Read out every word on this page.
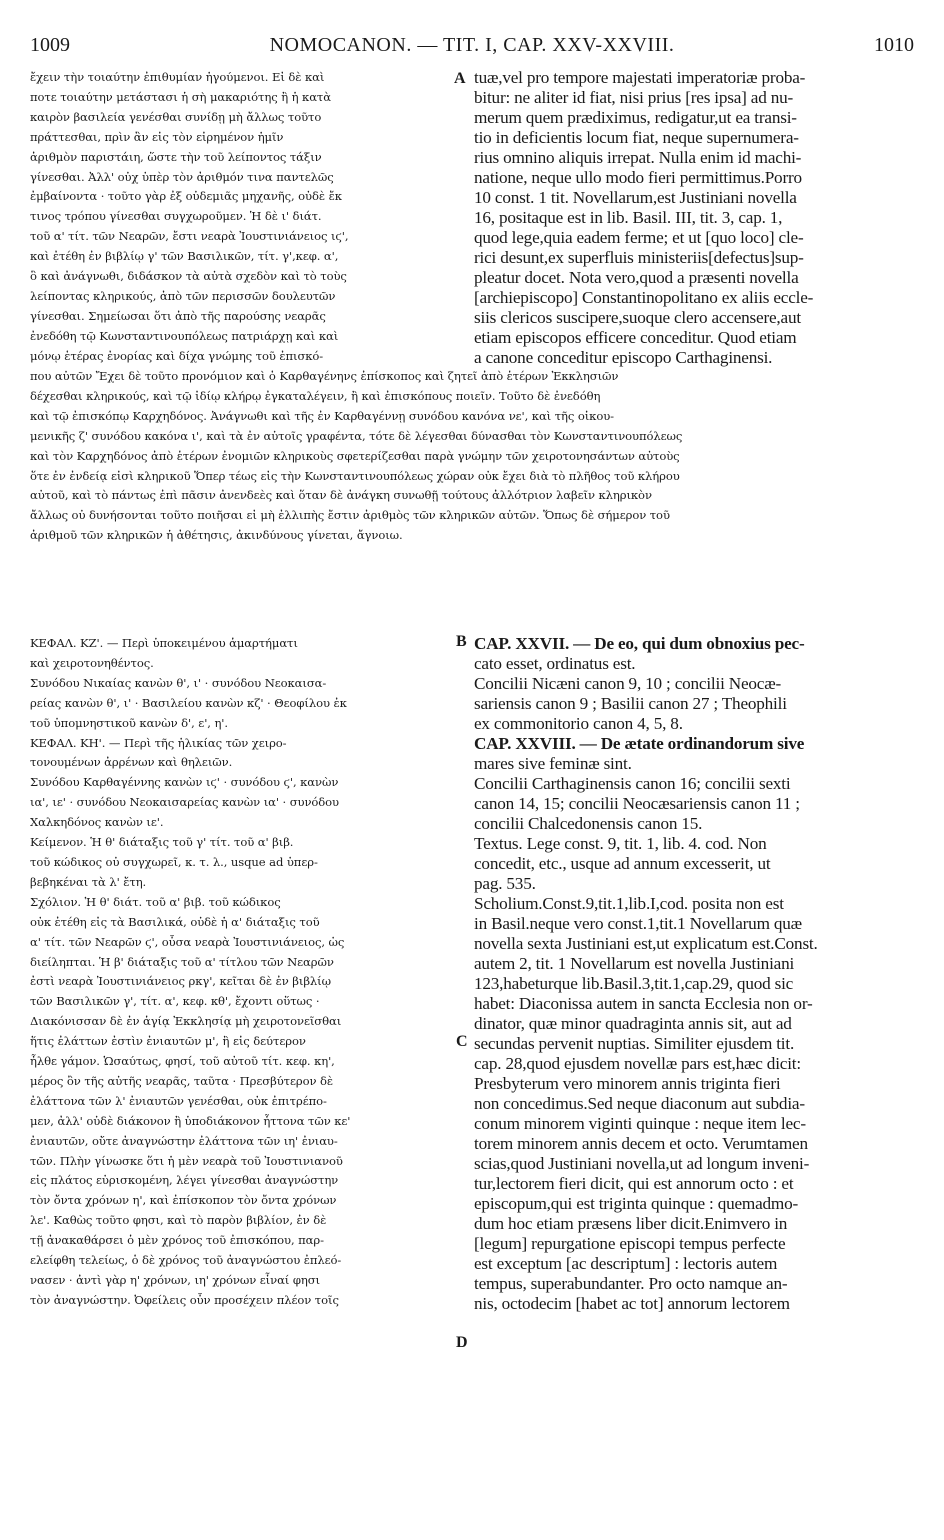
1009	NOMOCANON. — TIT. I, CAP. XXV-XXVIII.	1010
A
B
C
D
ἔχειν τὴν τοιαύτην ἐπιθυμίαν ἡγούμενοι. Εἰ δὲ καὶ
ποτε τοιαύτην μετάστασι ἡ σὴ μακαριότης ἢ ἡ κατὰ
καιρὸν βασιλεία γενέσθαι συνίδῃ μὴ ἄλλως τοῦτο
πράττεσθαι, πρὶν ἂν εἰς τὸν εἰρημένον ἡμῖν
ἀριθμὸν παριστάιη, ὥστε τὴν τοῦ λείποντος τάξιν
γίνεσθαι. Ἀλλ' οὐχ ὑπὲρ τὸν ἀριθμόν τινα παντελῶς
ἐμβαίνοντα · τοῦτο γὰρ ἐξ οὐδεμιᾶς μηχανῆς, οὐδὲ ἔκ
τινος τρόπου γίνεσθαι συγχωροῦμεν. Ἡ δὲ ι' διάτ.
τοῦ α' τίτ. τῶν Νεαρῶν, ἔστι νεαρὰ Ἰουστινιάνειος ιϛ',
καὶ ἐτέθη ἐν βιβλίῳ γ' τῶν Βασιλικῶν, τίτ. γ',κεφ. α',
ὃ καὶ ἀνάγνωθι, διδάσκον τὰ αὐτὰ σχεδὸν καὶ τὸ τοὺς
λείποντας κληρικούς, ἀπὸ τῶν περισσῶν δουλευτῶν
γίνεσθαι. Σημείωσαι ὅτι ἀπὸ τῆς παρούσης νεαρᾶς
ἐνεδόθη τῷ Κωνσταντινουπόλεως πατριάρχῃ καὶ καὶ
μόνῳ ἑτέρας ἐνορίας καὶ δίχα γνώμης τοῦ ἐπισκό-
tuæ,vel pro tempore majestati imperatoriæ proba-
bitur: ne aliter id fiat, nisi prius [res ipsa] ad nu-
merum quem prædiximus, redigatur,ut ea transi-
tio in deficientis locum fiat, neque supernumera-
rius omnino aliquis irrepat. Nulla enim id machi-
natione, neque ullo modo fieri permittimus.Porro
10 const. 1 tit. Novellarum,est Justiniani novella
16, positaque est in lib. Basil. III, tit. 3, cap. 1,
quod lege,quia eadem ferme; et ut [quo loco] cle-
rici desunt,ex superfluis ministeriis[defectus]sup-
pleatur docet. Nota vero,quod a præsenti novella
[archiepiscopo] Constantinopolitano ex aliis eccle-
siis clericos suscipere,suoque clero accensere,aut
etiam episcopos efficere conceditur. Quod etiam
a canone conceditur episcopo Carthaginensi.
που αὐτῶν Ἔχει δὲ τοῦτο προνόμιον καὶ ὁ Καρθαγένηνς ἐπίσκοπος καὶ ζητεῖ ἀπὸ ἑτέρων Ἐκκλησιῶν
δέχεσθαι κληρικούς, καὶ τῷ ἰδίῳ κλήρῳ ἐγκαταλέγειν, ἢ καὶ ἐπισκόπους ποιεῖν. Τοῦτο δὲ ἐνεδόθη
καὶ τῷ ἐπισκόπῳ Καρχηδόνος. Ἀνάγνωθι καὶ τῆς ἐν Καρθαγέννῃ συνόδου κανόνα νε', καὶ τῆς οἰκου-
μενικῆς ζ' συνόδου κακόνα ι', καὶ τὰ ἐν αὐτοῖς γραφέντα, τότε δὲ λέγεσθαι δύνασθαι τὸν Κωνσταντινουπόλεως
καὶ τὸν Καρχηδόνος ἀπὸ ἑτέρων ἐνομιῶν κληρικοὺς σφετερίζεσθαι παρὰ γνώμην τῶν χειροτονησάντων αὐτοὺς
ὅτε ἐν ἐνδείᾳ εἰσὶ κληρικοῦ Ὅπερ τέως εἰς τὴν Κωνσταντινουπόλεως χώραν οὐκ ἔχει διὰ τὸ πλῆθος τοῦ κλήρου
αὐτοῦ, καὶ τὸ πάντως ἐπὶ πᾶσιν ἀνενδεὲς καὶ ὅταν δὲ ἀνάγκη συνωθῇ τούτους ἀλλότριον λαβεῖν κληρικὸν
ἄλλως οὐ δυνήσονται τοῦτο ποιῆσαι εἰ μὴ ἐλλιπὴς ἔστιν ἀριθμὸς τῶν κληρικῶν αὐτῶν. Ὅπως δὲ σήμερον τοῦ
ἀριθμοῦ τῶν κληρικῶν ἡ ἀθέτησις, ἀκινδύνους γίνεται, ἄγνοιω.
ΚΕΦΑΛ. ΚΖ'. — Περὶ ὑποκειμένου ἁμαρτήματι
καὶ χειροτονηθέντος.
Συνόδου Νικαίας κανὼν θ', ι' · συνόδου Νεοκαισα-
ρείας κανὼν θ', ι' · Βασιλείου κανὼν κζ' · Θεοφίλου ἐκ
τοῦ ὑπομνηστικοῦ κανὼν δ', ε', η'.
ΚΕΦΑΛ. ΚΗ'. — Περὶ τῆς ἡλικίας τῶν χειρο-
τονουμένων ἀρρένων καὶ θηλειῶν.
Συνόδου Καρθαγέννης κανὼν ιϛ' · συνόδου ϛ', κανὼν
ια', ιε' · συνόδου Νεοκαισαρείας κανὼν ια' · συνόδου
Χαλκηδόνος κανὼν ιε'.
Κείμενον. Ἡ θ' διάταξις τοῦ γ' τίτ. τοῦ α' βιβ.
τοῦ κώδικος οὐ συγχωρεῖ, κ. τ. λ., usque ad ὑπερ-
βεβηκέναι τὰ λ' ἔτη.
Σχόλιον. Ἡ θ' διάτ. τοῦ α' βιβ. τοῦ κώδικος
οὐκ ἐτέθη εἰς τὰ Βασιλικά, οὐδὲ ἡ α' διάταξις τοῦ
α' τίτ. τῶν Νεαρῶν ϛ', οὖσα νεαρὰ Ἰουστινιάνειος, ὡς
διείληπται. Ἡ β' διάταξις τοῦ α' τίτλου τῶν Νεαρῶν
ἐστὶ νεαρὰ Ἰουστινιάνειος ρκγ', κεῖται δὲ ἐν βιβλίῳ
τῶν Βασιλικῶν γ', τίτ. α', κεφ. κθ', ἔχοντι οὕτως ·
Διακόνισσαν δὲ ἐν ἁγίᾳ Ἐκκλησίᾳ μὴ χειροτονεῖσθαι
ἥτις ἐλάττων ἐστὶν ἐνιαυτῶν μ', ἢ εἰς δεύτερον
ἦλθε γάμον. Ὡσαύτως, φησί, τοῦ αὐτοῦ τίτ. κεφ. κη',
μέρος ὂν τῆς αὐτῆς νεαρᾶς, ταῦτα · Πρεσβύτερον δὲ
ἐλάττονα τῶν λ' ἐνιαυτῶν γενέσθαι, οὐκ ἐπιτρέπο-
μεν, ἀλλ' οὐδὲ διάκονον ἢ ὑποδιάκονον ἧττονα τῶν κε'
ἐνιαυτῶν, οὔτε ἀναγνώστην ἐλάττονα τῶν ιη' ἐνιαυ-
τῶν. Πλὴν γίνωσκε ὅτι ἡ μὲν νεαρὰ τοῦ Ἰουστινιανοῦ
εἰς πλάτος εὑρισκομένη, λέγει γίνεσθαι ἀναγνώστην
τὸν ὄντα χρόνων η', καὶ ἐπίσκοπον τὸν ὄντα χρόνων
λε'. Καθὼς τοῦτο φησι, καὶ τὸ παρὸν βιβλίον, ἐν δὲ
τῇ ἀνακαθάρσει ὁ μὲν χρόνος τοῦ ἐπισκόπου, παρ-
ελείφθη τελείως, ὁ δὲ χρόνος τοῦ ἀναγνώστου ἐπλεό-
νασεν · ἀντὶ γὰρ η' χρόνων, ιη' χρόνων εἶναί φησι
τὸν ἀναγνώστην. Ὀφείλεις οὖν προσέχειν πλέον τοῖς
CAP. XXVII. — De eo, qui dum obnoxius pec-
cato esset, ordinatus est.
Concilii Nicæni canon 9, 10 ; concilii Neocæ-
sariensis canon 9 ; Basilii canon 27 ; Theophili
ex commonitorio canon 4, 5, 8.
CAP. XXVIII. — De ætate ordinandorum sive
mares sive feminæ sint.
Concilii Carthaginensis canon 16; concilii sexti
canon 14, 15; concilii Neocæsariensis canon 11 ;
concilii Chalcedonensis canon 15.
Textus. Lege const. 9, tit. 1, lib. 4. cod. Non
concedit, etc., usque ad annum excesserit, ut
pag. 535.
Scholium.Const.9,tit.1,lib.I,cod. posita non est
in Basil.neque vero const.1,tit.1 Novellarum quæ
novella sexta Justiniani est,ut explicatum est.Const.
autem 2, tit. 1 Novellarum est novella Justiniani
123,habeturque lib.Basil.3,tit.1,cap.29, quod sic
habet: Diaconissa autem in sancta Ecclesia non or-
dinator, quæ minor quadraginta annis sit, aut ad
secundas pervenit nuptias. Similiter ejusdem tit.
cap. 28,quod ejusdem novellæ pars est,hæc dicit:
Presbyterum vero minorem annis triginta fieri
non concedimus.Sed neque diaconum aut subdia-
conum minorem viginti quinque : neque item lec-
torem minorem annis decem et octo. Verumtamen
scias,quod Justiniani novella,ut ad longum inveni-
tur,lectorem fieri dicit, qui est annorum octo : et
episcopum,qui est triginta quinque : quemadmo-
dum hoc etiam præsens liber dicit.Enimvero in
[legum] repurgatione episcopi tempus perfecte
est exceptum [ac descriptum] : lectoris autem
tempus, superabundanter. Pro octo namque an-
nis, octodecim [habet ac tot] annorum lectorem
